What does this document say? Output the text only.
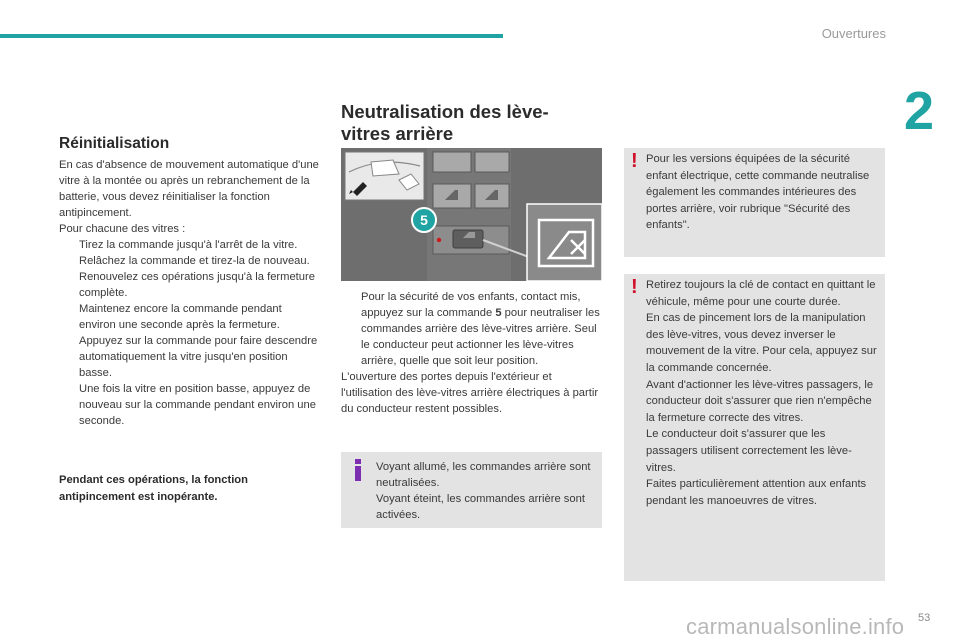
Ouvertures
2
Réinitialisation

En cas d'absence de mouvement automatique d'une vitre à la montée ou après un rebranchement de la batterie, vous devez réinitialiser la fonction antipincement.

Pour chacune des vitres :

Tirez la commande jusqu'à l'arrêt de la vitre.
Relâchez la commande et tirez-la de nouveau.
Renouvelez ces opérations jusqu'à la fermeture complète.
Maintenez encore la commande pendant environ une seconde après la fermeture.
Appuyez sur la commande pour faire descendre automatiquement la vitre jusqu'en position basse.
Une fois la vitre en position basse, appuyez de nouveau sur la commande pendant environ une seconde.
Pendant ces opérations, la fonction antipincement est inopérante.
Neutralisation des lève-
vitres arrière
5
Pour la sécurité de vos enfants, contact mis, appuyez sur la commande 5 pour neutraliser les commandes arrière des lève-vitres arrière. Seul le conducteur peut actionner les lève-vitres arrière, quelle que soit leur position.
L'ouverture des portes depuis l'extérieur et l'utilisation des lève-vitres arrière électriques à partir du conducteur restent possibles.
Voyant allumé, les commandes arrière sont neutralisées.
Voyant éteint, les commandes arrière sont activées.
! Pour les versions équipées de la sécurité enfant électrique, cette commande neutralise également les commandes intérieures des portes arrière, voir rubrique "Sécurité des enfants".
! Retirez toujours la clé de contact en quittant le véhicule, même pour une courte durée.
En cas de pincement lors de la manipulation des lève-vitres, vous devez inverser le mouvement de la vitre. Pour cela, appuyez sur la commande concernée.
Avant d'actionner les lève-vitres passagers, le conducteur doit s'assurer que rien n'empêche la fermeture correcte des vitres.
Le conducteur doit s'assurer que les passagers utilisent correctement les lève-vitres.
Faites particulièrement attention aux enfants pendant les manoeuvres de vitres.
carmanualsonline.info 53
